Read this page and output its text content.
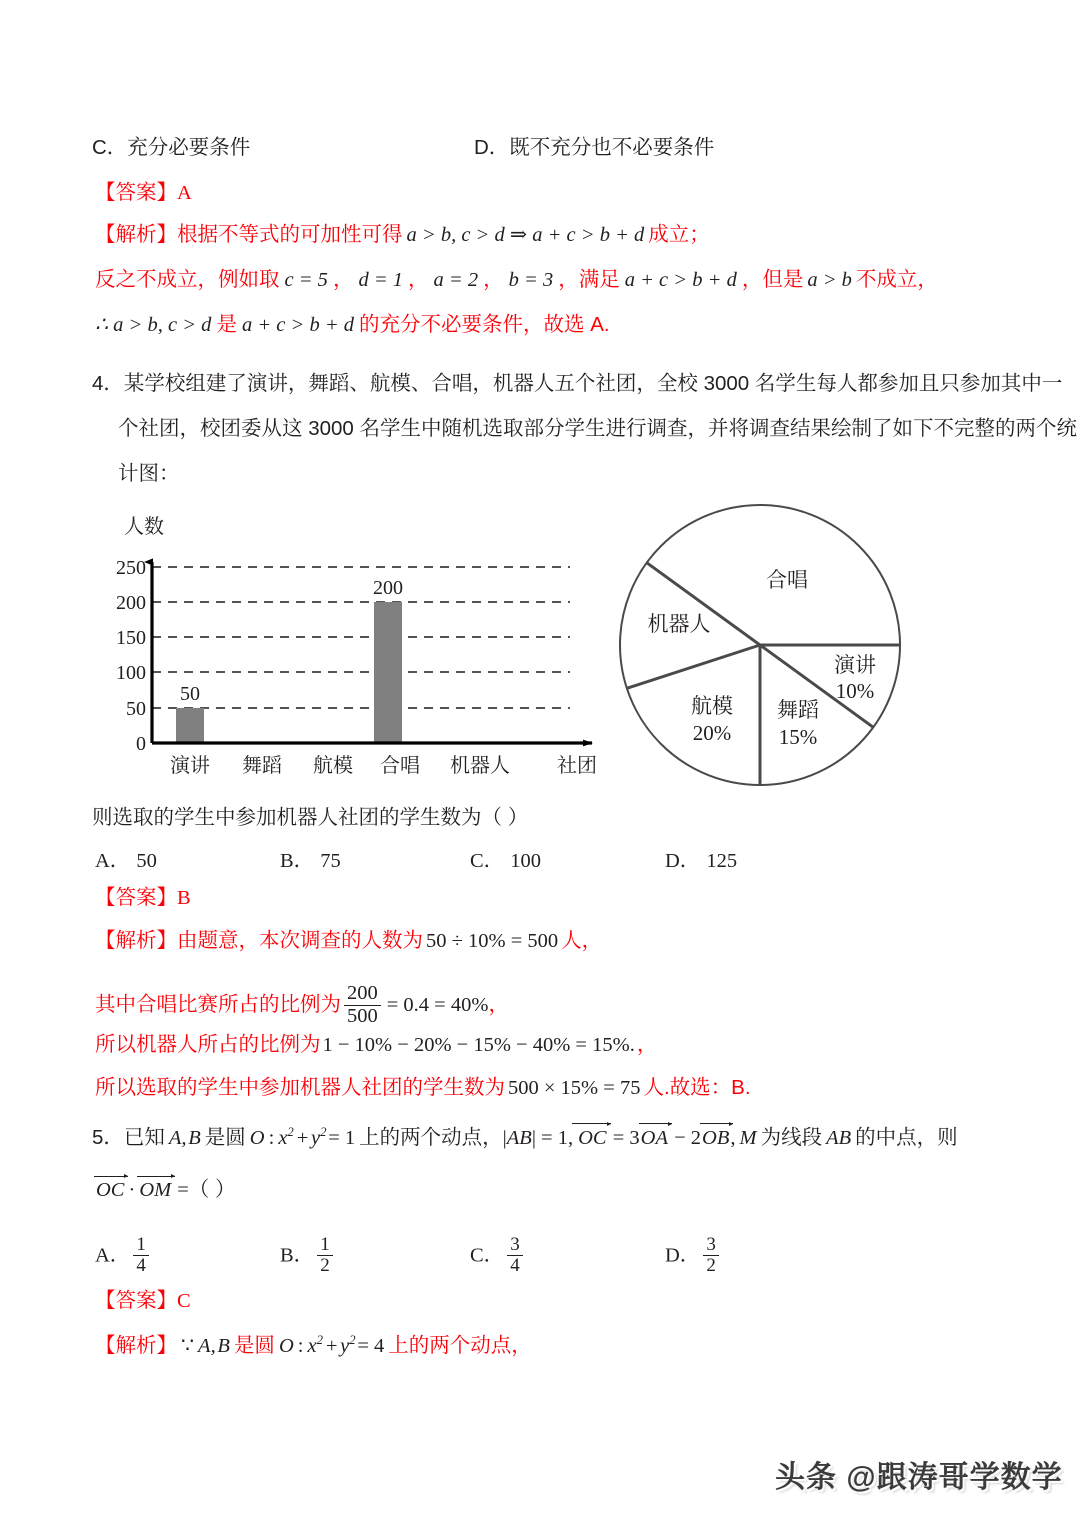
C．充分必要条件	D．既不充分也不必要条件
【答案】A
【解析】根据不等式的可加性可得 a > b, c > d ⇒ a + c > b + d 成立；
反之不成立，例如取 c = 5 ， d = 1 ， a = 2 ， b = 3 ，满足 a + c > b + d ，但是 a > b 不成立，
∴ a > b, c > d 是 a + c > b + d 的充分不必要条件，故选 A.
4．某学校组建了演讲，舞蹈、航模、合唱，机器人五个社团，全校 3000 名学生每人都参加且只参加其中一
个社团，校团委从这 3000 名学生中随机选取部分学生进行调查，并将调查结果绘制了如下不完整的两个统
计图：
人数
250
200
150
100
50
0
50
200
演讲 舞蹈 航模 合唱 机器人 社团
演讲
10%
舞蹈
15%
航模
20%
机器人
合唱
则选取的学生中参加机器人社团的学生数为（ ）
A． 50	B． 75	C． 100	D． 125
【答案】B
【解析】由题意，本次调查的人数为 50 ÷ 10% = 500 人，
其中合唱比赛所占的比例为 $\frac{200}{500} = 0.4 = 40\%$，
所以机器人所占的比例为1 − 10% − 20% − 15% − 40% = 15%.，
所以选取的学生中参加机器人社团的学生数为 500 × 15% = 75 人.故选：B.
5．已知 A, B 是圆 O : $x^2$ + $y^2$ = 1 上的两个动点，|AB| = 1, OC = 3OA − 2OB, M 为线段 AB 的中点，则
OC · OM =（ ）
A． $\frac{1}{4}$	B． $\frac{1}{2}$	C． $\frac{3}{4}$	D． $\frac{3}{2}$
【答案】C
【解析】 ∵ A, B 是圆 O : $x^2$ + $y^2$ = 4 上的两个动点，
头条 @跟涛哥学数学
